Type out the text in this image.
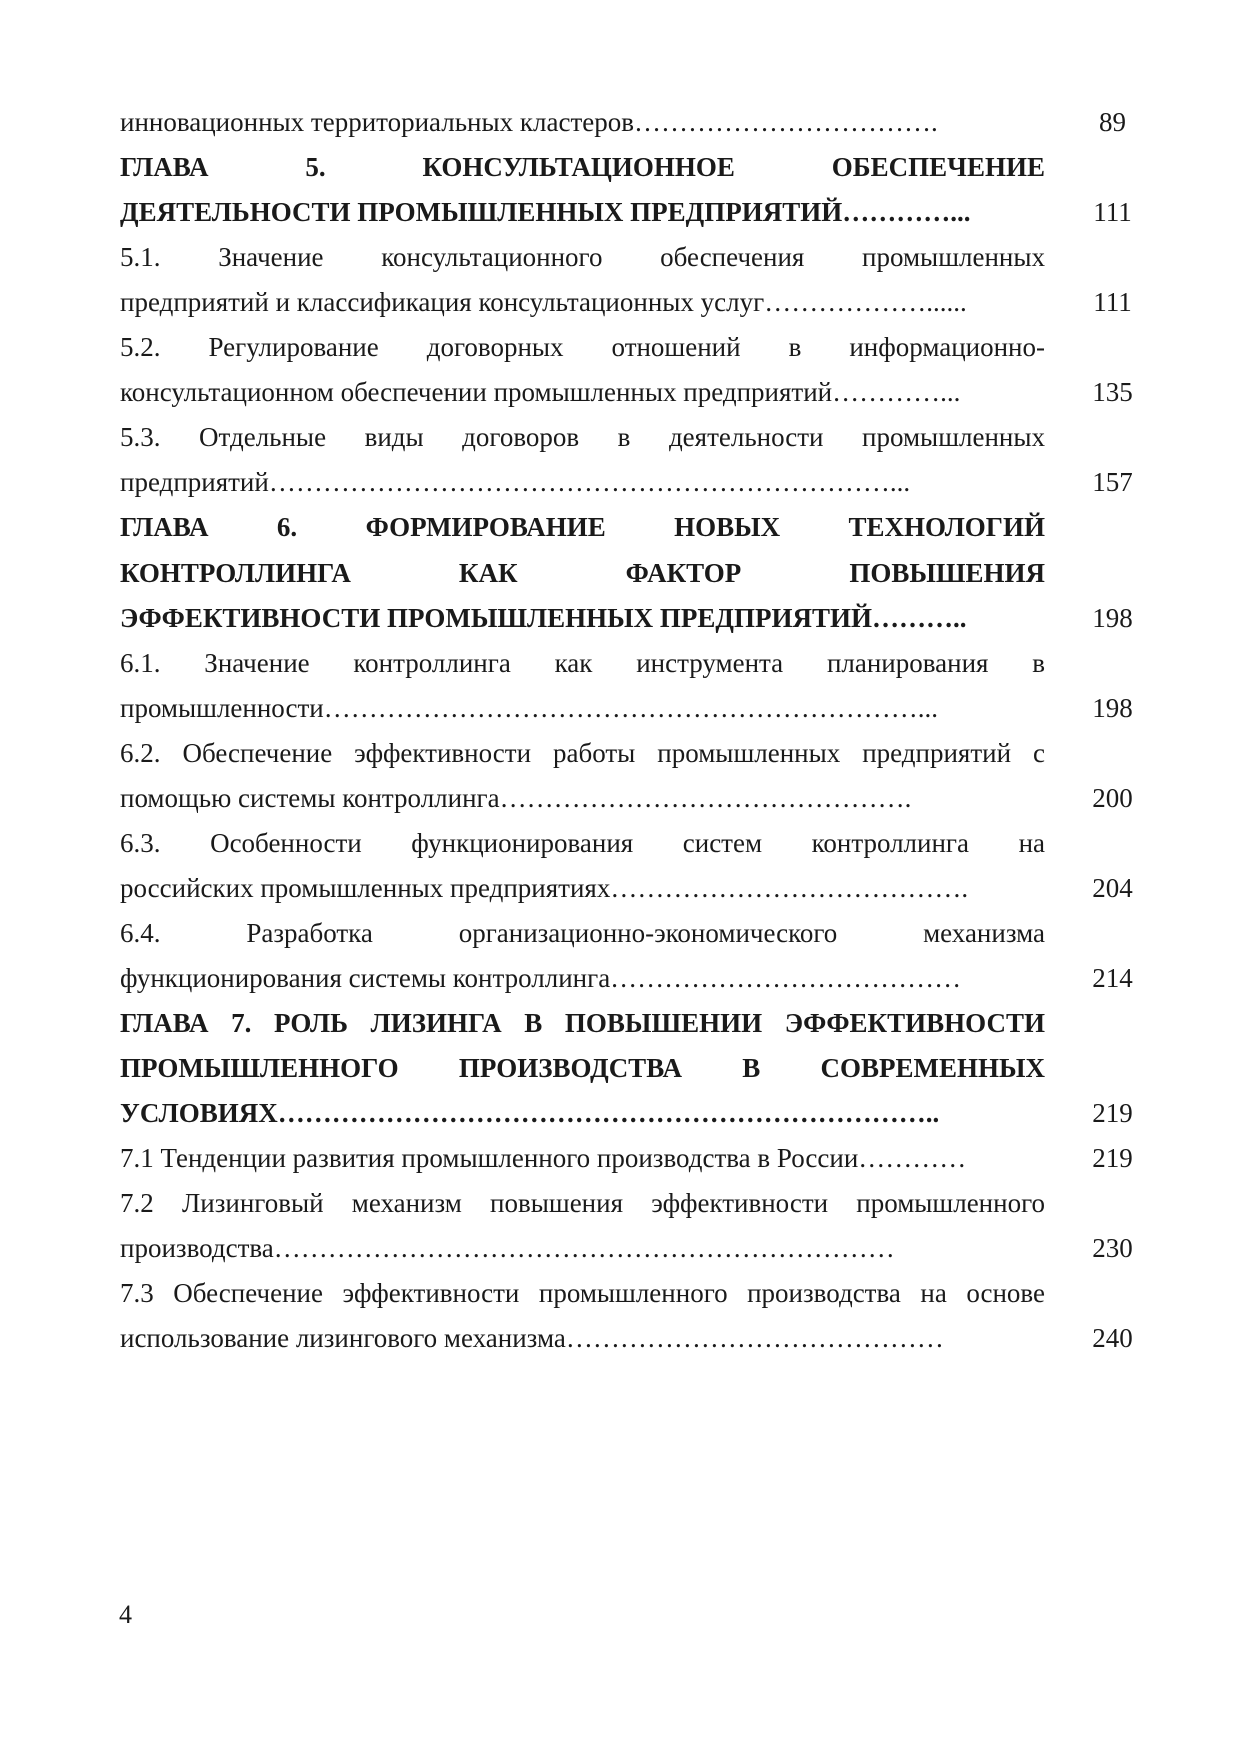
инновационных территориальных кластеров…………………………….	89
ГЛАВА 5. КОНСУЛЬТАЦИОННОЕ ОБЕСПЕЧЕНИЕ
ДЕЯТЕЛЬНОСТИ ПРОМЫШЛЕННЫХ ПРЕДПРИЯТИЙ…………...	111
5.1. Значение консультационного обеспечения промышленных
предприятий и классификация консультационных услуг………………......	111
5.2. Регулирование договорных отношений в информационно-
консультационном обеспечении промышленных предприятий…………...	135
5.3. Отдельные виды договоров в деятельности промышленных
предприятий……………………………………………………………...	157
ГЛАВА 6. ФОРМИРОВАНИЕ НОВЫХ ТЕХНОЛОГИЙ
КОНТРОЛЛИНГА КАК ФАКТОР ПОВЫШЕНИЯ
ЭФФЕКТИВНОСТИ ПРОМЫШЛЕННЫХ ПРЕДПРИЯТИЙ………..	198
6.1. Значение контроллинга как инструмента планирования в
промышленности…………………………………………………………...	198
6.2. Обеспечение эффективности работы промышленных предприятий с
помощью системы контроллинга……………………………………….	200
6.3. Особенности функционирования систем контроллинга на
российских промышленных предприятиях………………………………….	204
6.4. Разработка организационно-экономического механизма
функционирования системы контроллинга…………………………………	214
ГЛАВА 7. РОЛЬ ЛИЗИНГА В ПОВЫШЕНИИ ЭФФЕКТИВНОСТИ
ПРОМЫШЛЕННОГО ПРОИЗВОДСТВА В СОВРЕМЕННЫХ
УСЛОВИЯХ………………………………………………………………..	219
7.1 Тенденции развития промышленного производства в России…………	219
7.2 Лизинговый механизм повышения эффективности промышленного
производства……………………………………………………………	230
7.3 Обеспечение эффективности промышленного производства на основе
использование лизингового механизма……………………………………	240
4
